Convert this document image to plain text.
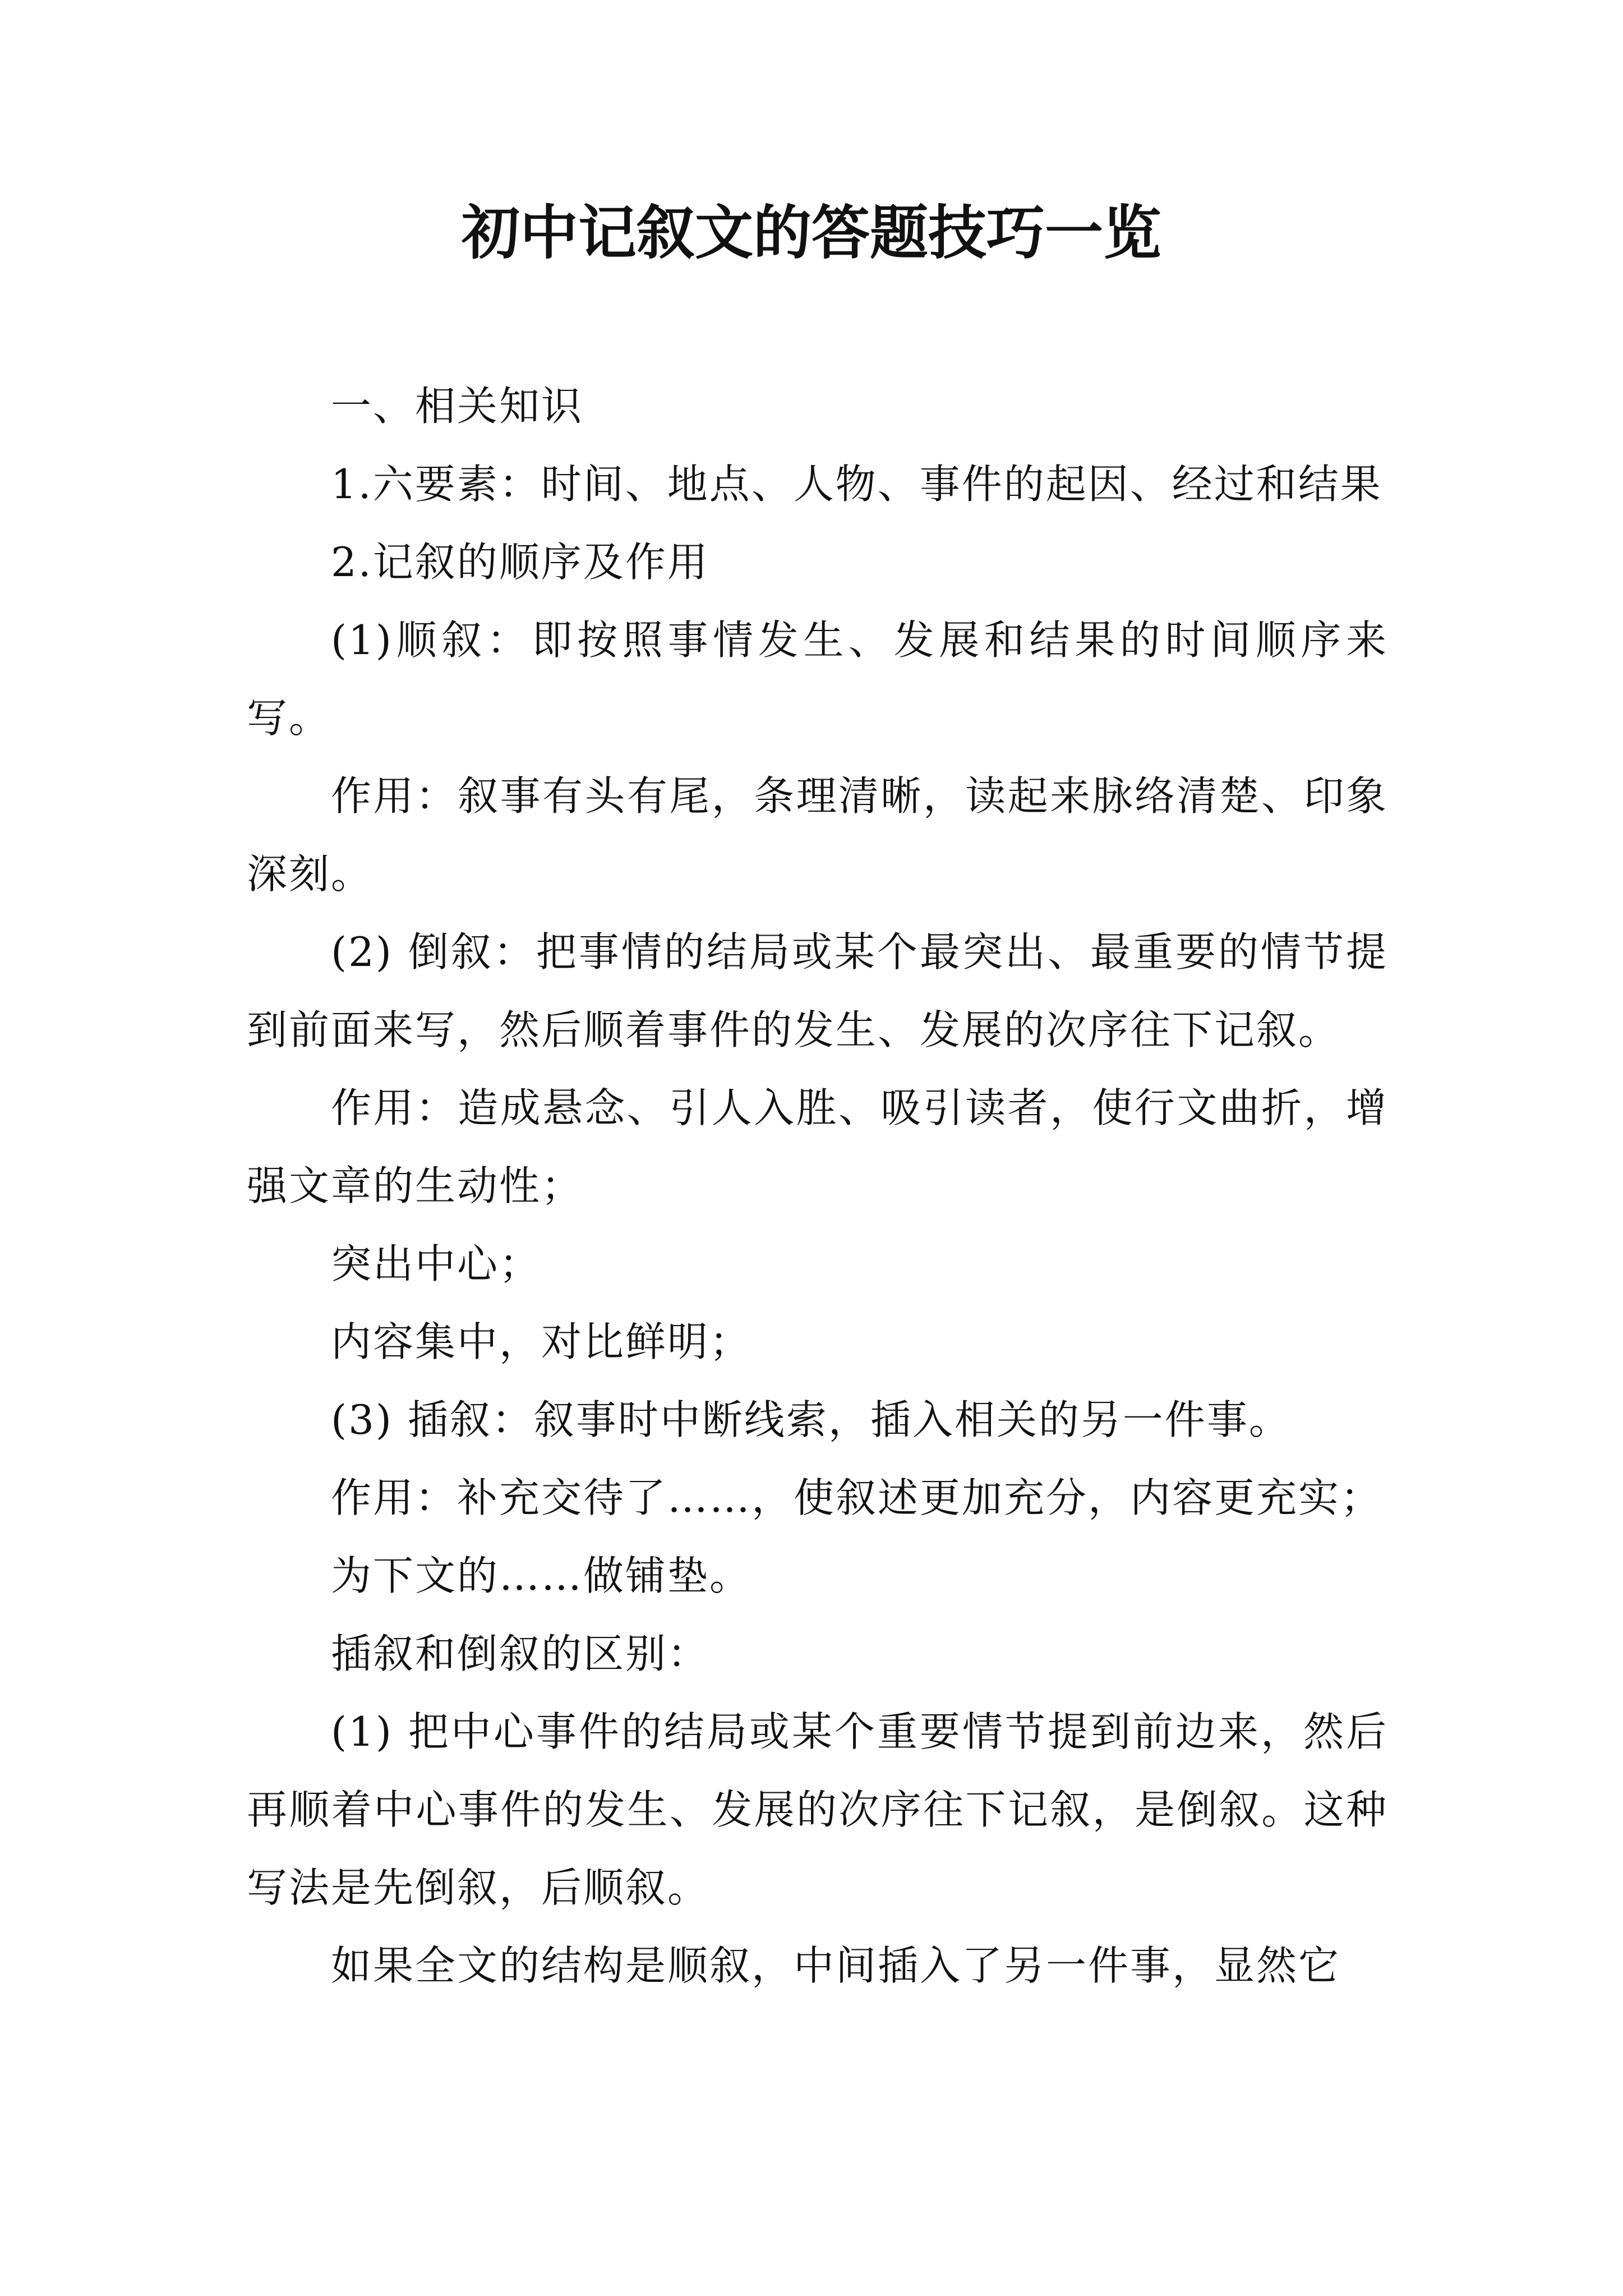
初中记叙文的答题技巧一览

一、相关知识

1.六要素：时间、地点、人物、事件的起因、经过和结果

2.记叙的顺序及作用

(1)顺叙：即按照事情发生、发展和结果的时间顺序来写。

作用：叙事有头有尾，条理清晰，读起来脉络清楚、印象深刻。

(2) 倒叙：把事情的结局或某个最突出、最重要的情节提到前面来写，然后顺着事件的发生、发展的次序往下记叙。

作用：造成悬念、引人入胜、吸引读者，使行文曲折，增强文章的生动性；

突出中心；

内容集中，对比鲜明；

(3) 插叙：叙事时中断线索，插入相关的另一件事。

作用：补充交待了……，使叙述更加充分，内容更充实；

为下文的……做铺垫。

插叙和倒叙的区别：

(1) 把中心事件的结局或某个重要情节提到前边来，然后再顺着中心事件的发生、发展的次序往下记叙，是倒叙。这种写法是先倒叙，后顺叙。

如果全文的结构是顺叙，中间插入了另一件事，显然它
